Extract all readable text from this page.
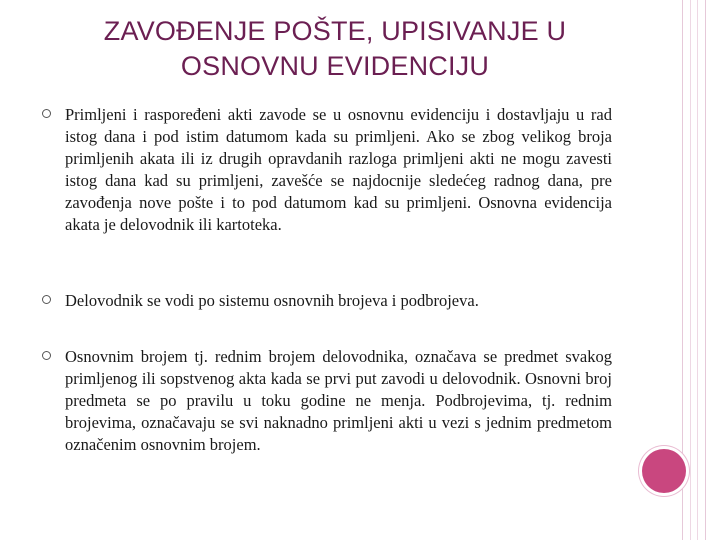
ZAVOĐENJE POŠTE, UPISIVANJE U
OSNOVNU EVIDENCIJU

Primljeni i raspoređeni akti zavode se u osnovnu evidenciju i dostavljaju u rad istog dana i pod istim datumom kada su primljeni. Ako se zbog velikog broja primljenih akata ili iz drugih opravdanih razloga primljeni akti ne mogu zavesti istog dana kad su primljeni, zavešće se najdocnije sledećeg radnog dana, pre zavođenja nove pošte i to pod datumom kad su primljeni. Osnovna evidencija akata je delovodnik ili kartoteka.

Delovodnik se vodi po sistemu osnovnih brojeva i podbrojeva.

Osnovnim brojem tj. rednim brojem delovodnika, označava se predmet svakog primljenog ili sopstvenog akta kada se prvi put zavodi u delovodnik. Osnovni broj predmeta se po pravilu u toku godine ne menja. Podbrojevima, tj. rednim brojevima, označavaju se svi naknadno primljeni akti u vezi s jednim predmetom označenim osnovnim brojem.
